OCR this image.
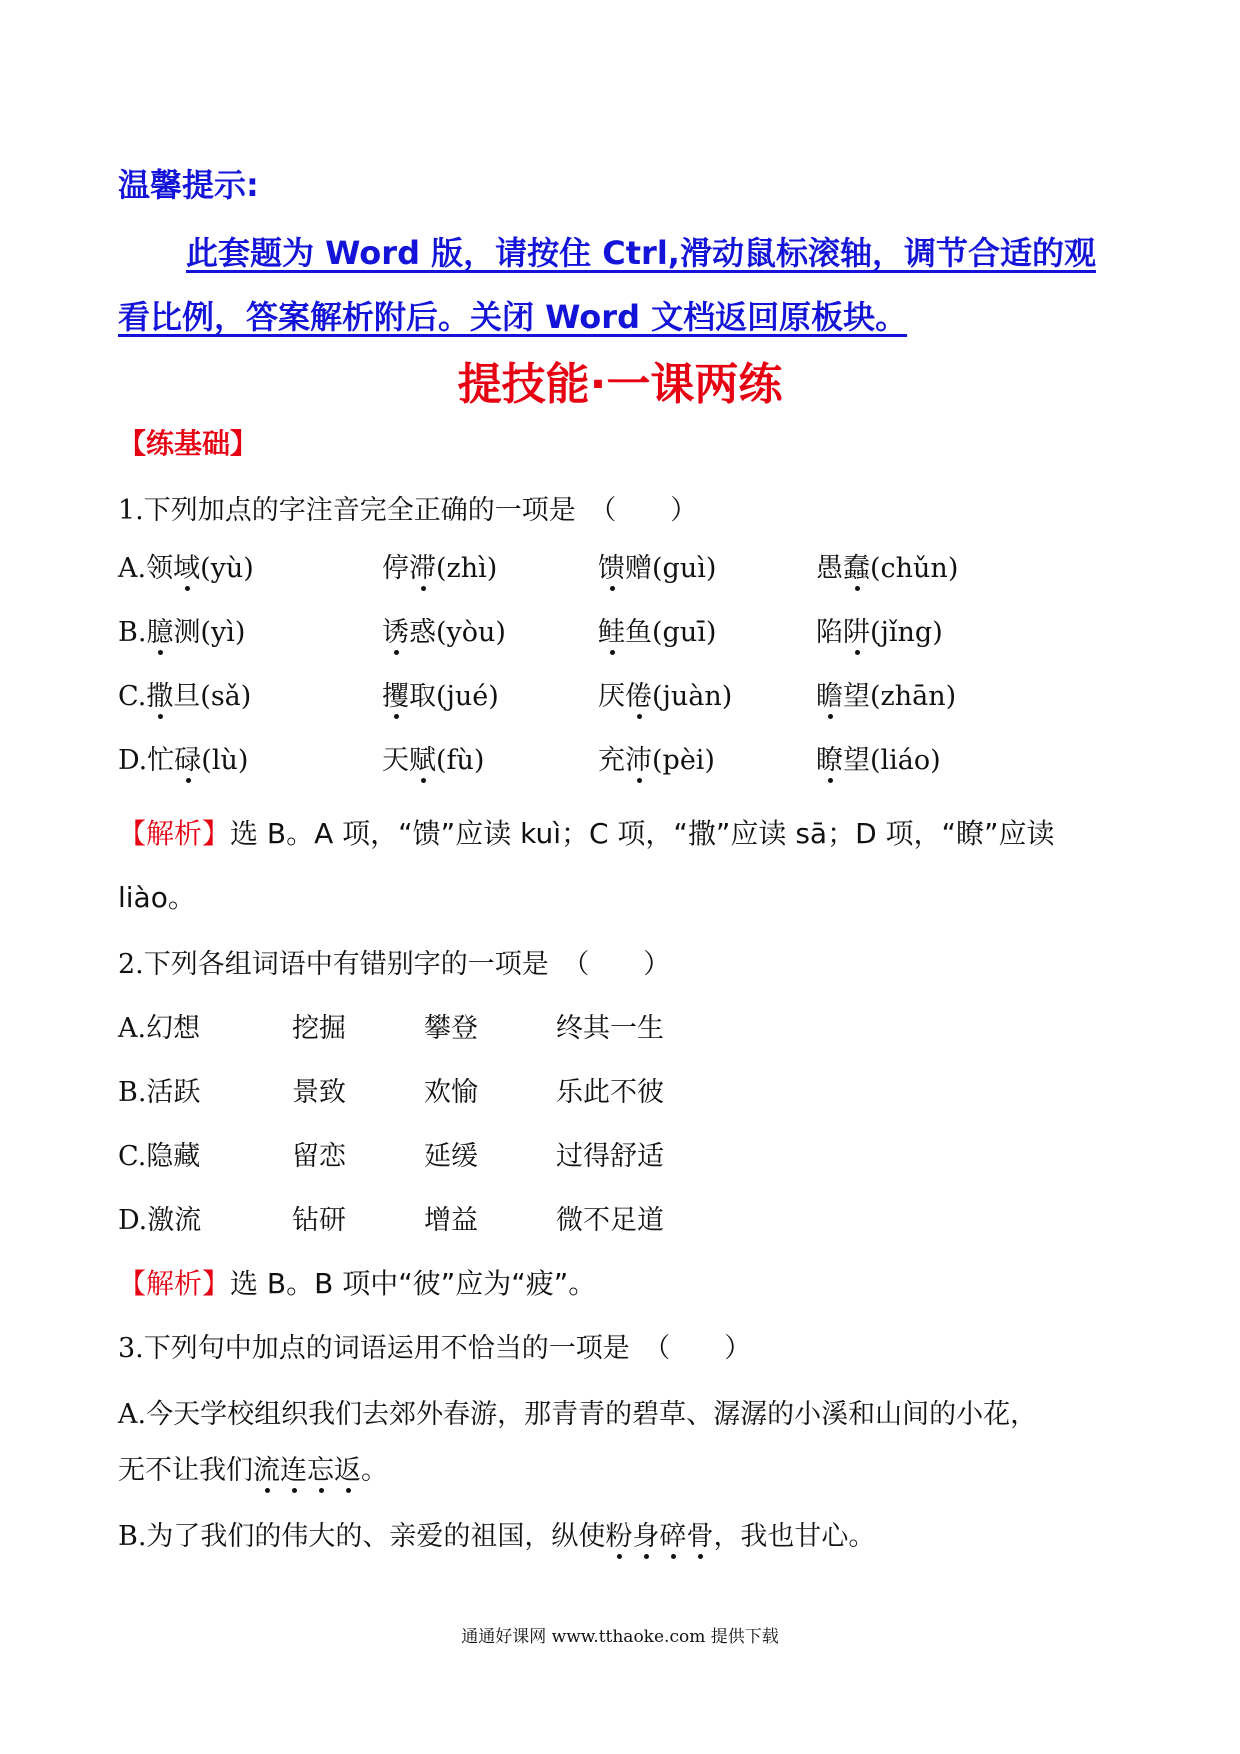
温馨提示:
此套题为 Word 版，请按住 Ctrl,滑动鼠标滚轴，调节合适的观
看比例，答案解析附后。关闭 Word 文档返回原板块。
提技能·一课两练
【练基础】
1.下列加点的字注音完全正确的一项是　（　　）
A.领域(yù)	停滞(zhì)	馈赠(guì)	愚蠢(chǔn)
B.臆测(yì)	诱惑(yòu)	鲑鱼(guī)	陷阱(jǐng)
C.撒旦(sǎ)	攫取(jué)	厌倦(juàn)	瞻望(zhān)
D.忙碌(lù)	天赋(fù)	充沛(pèi)	瞭望(liáo)
【解析】选 B。A 项，“馈”应读 kuì；C 项，“撒”应读 sā；D 项，“瞭”应读
liào。
2.下列各组词语中有错别字的一项是　（　　）
A.幻想	挖掘	攀登	终其一生
B.活跃	景致	欢愉	乐此不彼
C.隐藏	留恋	延缓	过得舒适
D.激流	钻研	增益	微不足道
【解析】选 B。B 项中“彼”应为“疲”。
3.下列句中加点的词语运用不恰当的一项是　（　　）
A.今天学校组织我们去郊外春游，那青青的碧草、潺潺的小溪和山间的小花，
无不让我们流连忘返。
B.为了我们的伟大的、亲爱的祖国，纵使粉身碎骨，我也甘心。
通通好课网 www.tthaoke.com 提供下载
